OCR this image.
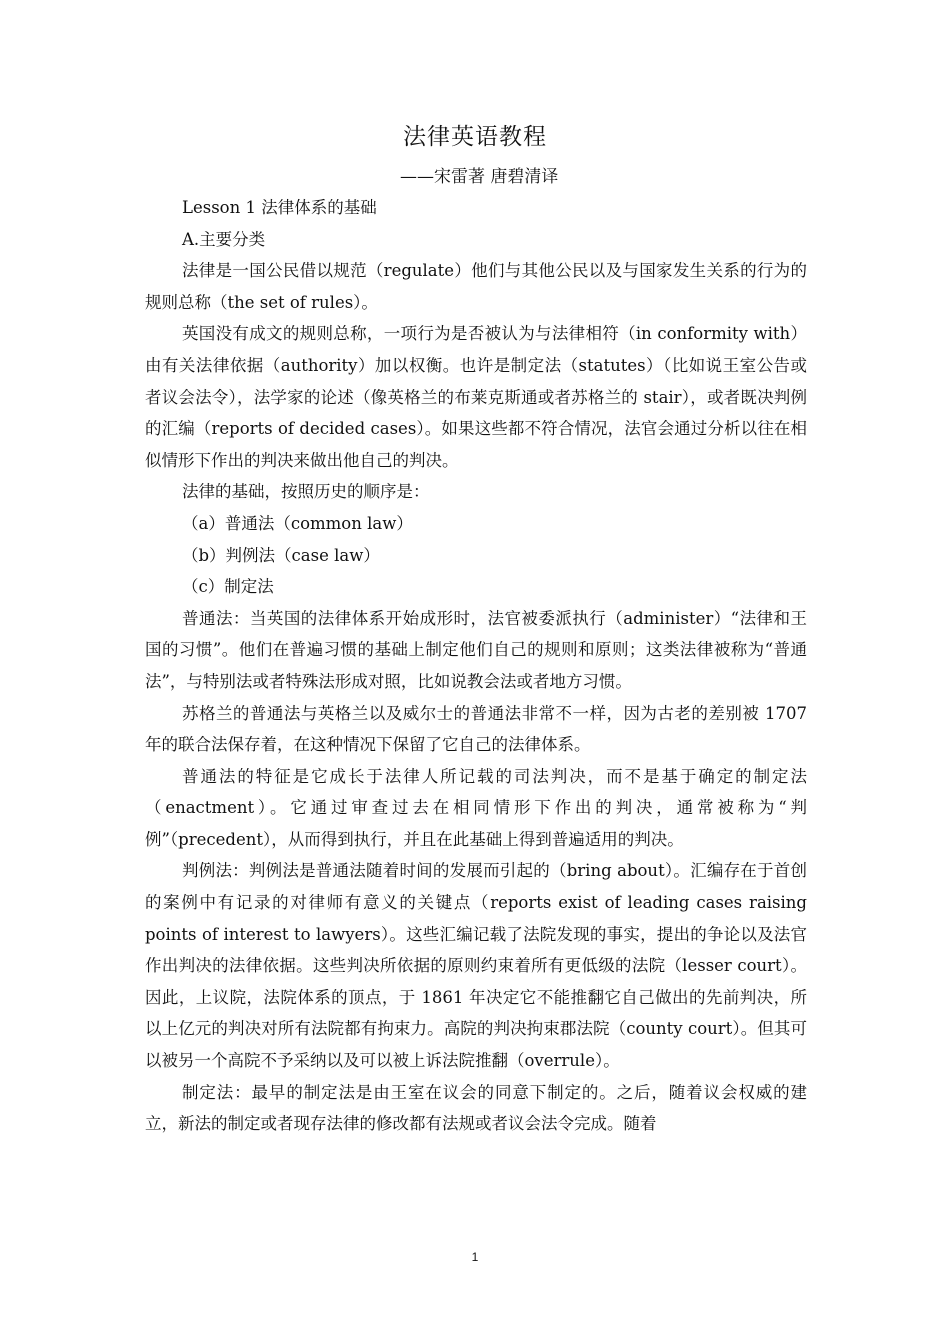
法律英语教程
——宋雷著 唐碧清译

Lesson 1 法律体系的基础

A.主要分类

法律是一国公民借以规范（regulate）他们与其他公民以及与国家发生关系的行为的规则总称（the set of rules）。

英国没有成文的规则总称，一项行为是否被认为与法律相符（in conformity with）由有关法律依据（authority）加以权衡。也许是制定法（statutes）（比如说王室公告或者议会法令），法学家的论述（像英格兰的布莱克斯通或者苏格兰的 stair），或者既决判例的汇编（reports of decided cases）。如果这些都不符合情况，法官会通过分析以往在相似情形下作出的判决来做出他自己的判决。

法律的基础，按照历史的顺序是：

（a）普通法（common law）

（b）判例法（case law）

（c）制定法

普通法：当英国的法律体系开始成形时，法官被委派执行（administer）“法律和王国的习惯”。他们在普遍习惯的基础上制定他们自己的规则和原则；这类法律被称为“普通法”，与特别法或者特殊法形成对照，比如说教会法或者地方习惯。

苏格兰的普通法与英格兰以及威尔士的普通法非常不一样，因为古老的差别被 1707 年的联合法保存着，在这种情况下保留了它自己的法律体系。

普通法的特征是它成长于法律人所记载的司法判决，而不是基于确定的制定法（enactment）。它通过审查过去在相同情形下作出的判决，通常被称为“判例”（precedent），从而得到执行，并且在此基础上得到普遍适用的判决。

判例法：判例法是普通法随着时间的发展而引起的（bring about）。汇编存在于首创的案例中有记录的对律师有意义的关键点（reports exist of leading cases raising points of interest to lawyers）。这些汇编记载了法院发现的事实，提出的争论以及法官作出判决的法律依据。这些判决所依据的原则约束着所有更低级的法院（lesser court）。因此，上议院，法院体系的顶点，于 1861 年决定它不能推翻它自己做出的先前判决，所以上亿元的判决对所有法院都有拘束力。高院的判决拘束郡法院（county court）。但其可以被另一个高院不予采纳以及可以被上诉法院推翻（overrule）。

制定法：最早的制定法是由王室在议会的同意下制定的。之后，随着议会权威的建立，新法的制定或者现存法律的修改都有法规或者议会法令完成。随着

1
